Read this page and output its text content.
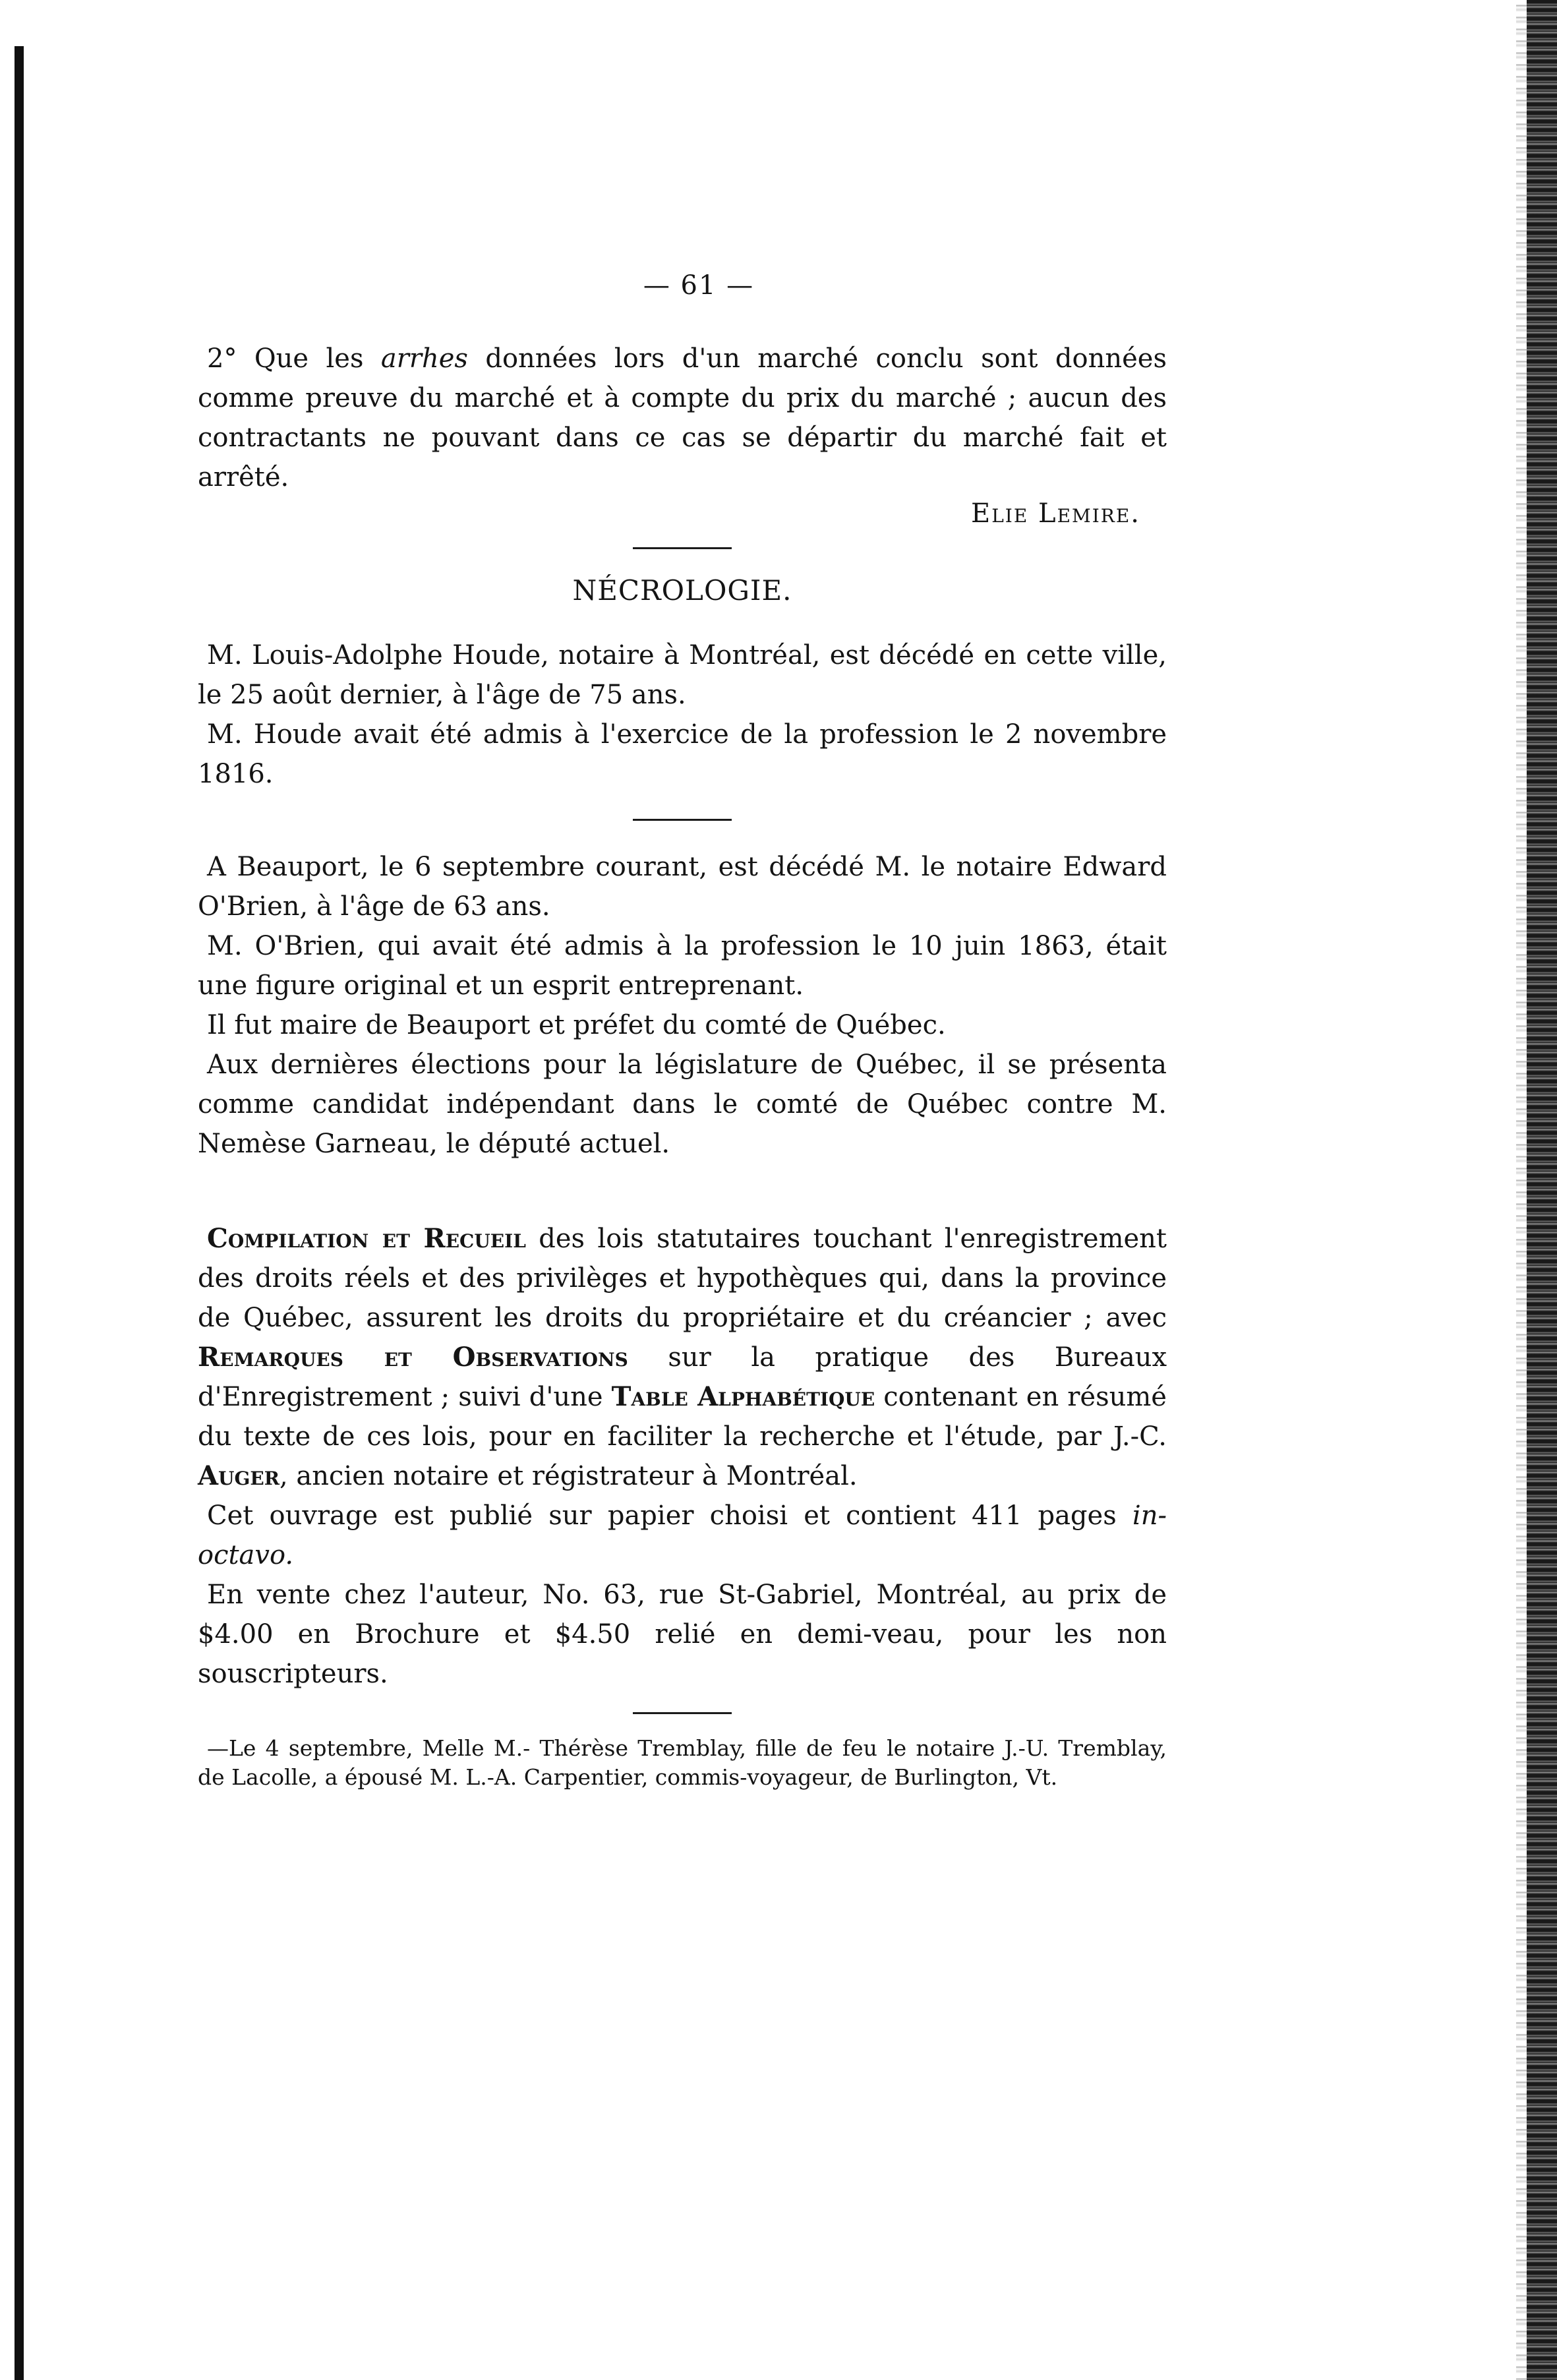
— 61 —

2° Que les arrhes données lors d'un marché conclu sont données comme preuve du marché et à compte du prix du marché ; aucun des contractants ne pouvant dans ce cas se départir du marché fait et arrêté.

Elie Lemire.
NÉCROLOGIE.

M. Louis-Adolphe Houde, notaire à Montréal, est décédé en cette ville, le 25 août dernier, à l'âge de 75 ans.

M. Houde avait été admis à l'exercice de la profession le 2 novembre 1816.

A Beauport, le 6 septembre courant, est décédé M. le notaire Edward O'Brien, à l'âge de 63 ans.

M. O'Brien, qui avait été admis à la profession le 10 juin 1863, était une figure original et un esprit entreprenant.

Il fut maire de Beauport et préfet du comté de Québec.

Aux dernières élections pour la législature de Québec, il se présenta comme candidat indépendant dans le comté de Québec contre M. Nemèse Garneau, le député actuel.

Compilation et Recueil des lois statutaires touchant l'enregistrement des droits réels et des privilèges et hypothèques qui, dans la province de Québec, assurent les droits du propriétaire et du créancier ; avec Remarques et Observations sur la pratique des Bureaux d'Enregistrement ; suivi d'une Table Alphabétique contenant en résumé du texte de ces lois, pour en faciliter la recherche et l'étude, par J.-C. Auger, ancien notaire et régistrateur à Montréal.

Cet ouvrage est publié sur papier choisi et contient 411 pages in-octavo.

En vente chez l'auteur, No. 63, rue St-Gabriel, Montréal, au prix de $4.00 en Brochure et $4.50 relié en demi-veau, pour les non souscripteurs.

—Le 4 septembre, Melle M.- Thérèse Tremblay, fille de feu le notaire J.-U. Tremblay, de Lacolle, a épousé M. L.-A. Carpentier, commis-voyageur, de Burlington, Vt.
